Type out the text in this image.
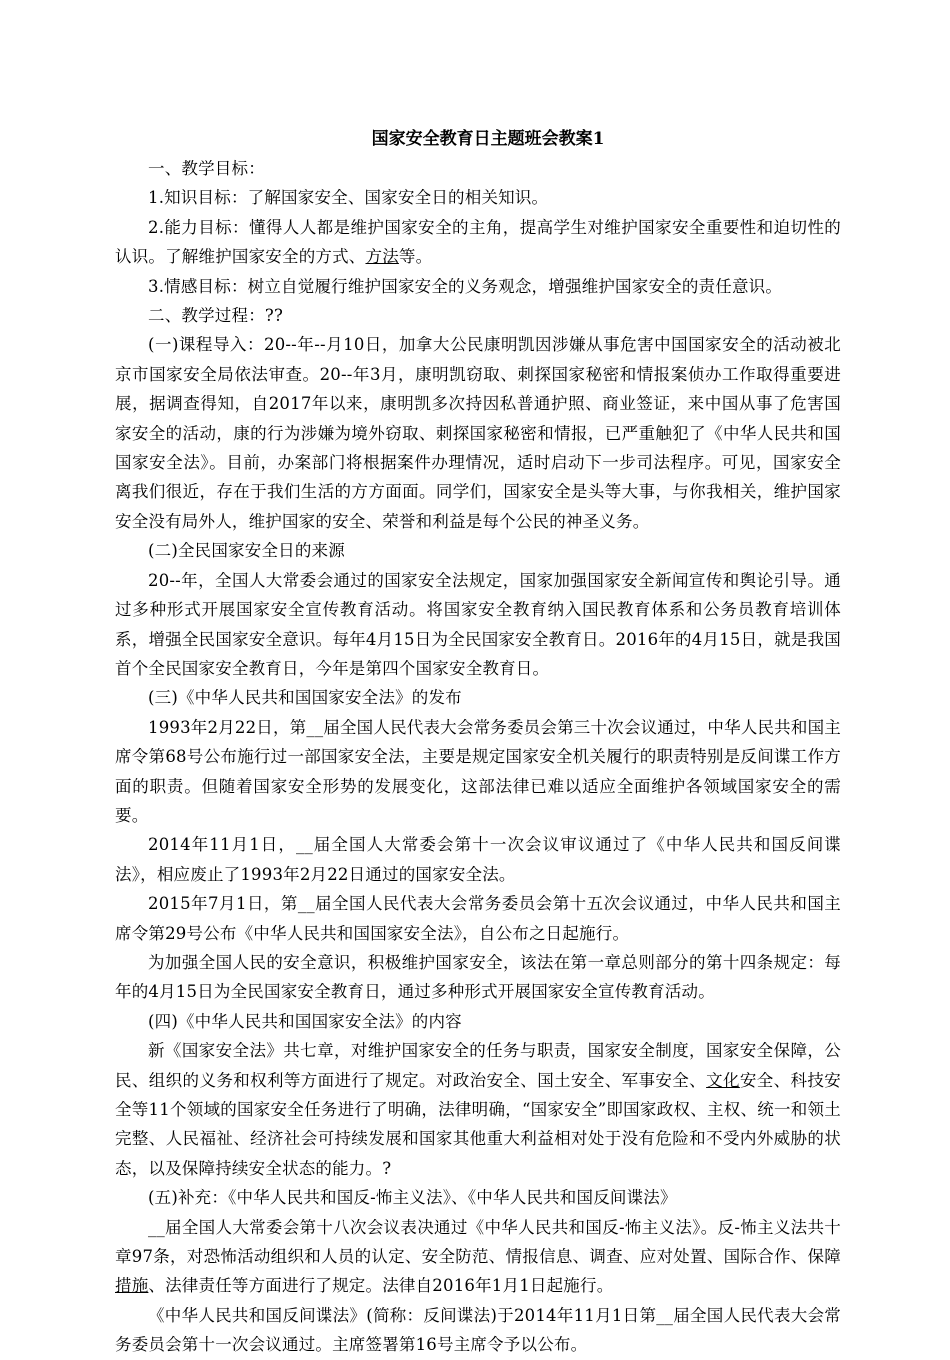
国家安全教育日主题班会教案1

一、教学目标：

1.知识目标：了解国家安全、国家安全日的相关知识。

2.能力目标：懂得人人都是维护国家安全的主角，提高学生对维护国家安全重要性和迫切性的认识。了解维护国家安全的方式、方法等。

3.情感目标：树立自觉履行维护国家安全的义务观念，增强维护国家安全的责任意识。

二、教学过程：??

(一)课程导入：20--年--月10日，加拿大公民康明凯因涉嫌从事危害中国国家安全的活动被北京市国家安全局依法审查。20--年3月，康明凯窃取、刺探国家秘密和情报案侦办工作取得重要进展，据调查得知，自2017年以来，康明凯多次持因私普通护照、商业签证，来中国从事了危害国家安全的活动，康的行为涉嫌为境外窃取、刺探国家秘密和情报，已严重触犯了《中华人民共和国国家安全法》。目前，办案部门将根据案件办理情况，适时启动下一步司法程序。可见，国家安全离我们很近，存在于我们生活的方方面面。同学们，国家安全是头等大事，与你我相关，维护国家安全没有局外人，维护国家的安全、荣誉和利益是每个公民的神圣义务。

(二)全民国家安全日的来源

20--年，全国人大常委会通过的国家安全法规定，国家加强国家安全新闻宣传和舆论引导。通过多种形式开展国家安全宣传教育活动。将国家安全教育纳入国民教育体系和公务员教育培训体系，增强全民国家安全意识。每年4月15日为全民国家安全教育日。2016年的4月15日，就是我国首个全民国家安全教育日，今年是第四个国家安全教育日。

(三)《中华人民共和国国家安全法》的发布

1993年2月22日，第__届全国人民代表大会常务委员会第三十次会议通过，中华人民共和国主席令第68号公布施行过一部国家安全法，主要是规定国家安全机关履行的职责特别是反间谍工作方面的职责。但随着国家安全形势的发展变化，这部法律已难以适应全面维护各领域国家安全的需要。

2014年11月1日，__届全国人大常委会第十一次会议审议通过了《中华人民共和国反间谍法》，相应废止了1993年2月22日通过的国家安全法。

2015年7月1日，第__届全国人民代表大会常务委员会第十五次会议通过，中华人民共和国主席令第29号公布《中华人民共和国国家安全法》，自公布之日起施行。

为加强全国人民的安全意识，积极维护国家安全，该法在第一章总则部分的第十四条规定：每年的4月15日为全民国家安全教育日，通过多种形式开展国家安全宣传教育活动。

(四)《中华人民共和国国家安全法》的内容

新《国家安全法》共七章，对维护国家安全的任务与职责，国家安全制度，国家安全保障，公民、组织的义务和权利等方面进行了规定。对政治安全、国土安全、军事安全、文化安全、科技安全等11个领域的国家安全任务进行了明确，法律明确，“国家安全”即国家政权、主权、统一和领土完整、人民福祉、经济社会可持续发展和国家其他重大利益相对处于没有危险和不受内外威胁的状态，以及保障持续安全状态的能力。?

(五)补充：《中华人民共和国反-怖主义法》、《中华人民共和国反间谍法》

__届全国人大常委会第十八次会议表决通过《中华人民共和国反-怖主义法》。反-怖主义法共十章97条，对恐怖活动组织和人员的认定、安全防范、情报信息、调查、应对处置、国际合作、保障措施、法律责任等方面进行了规定。法律自2016年1月1日起施行。

《中华人民共和国反间谍法》(简称：反间谍法)于2014年11月1日第__届全国人民代表大会常务委员会第十一次会议通过。主席签署第16号主席令予以公布。
